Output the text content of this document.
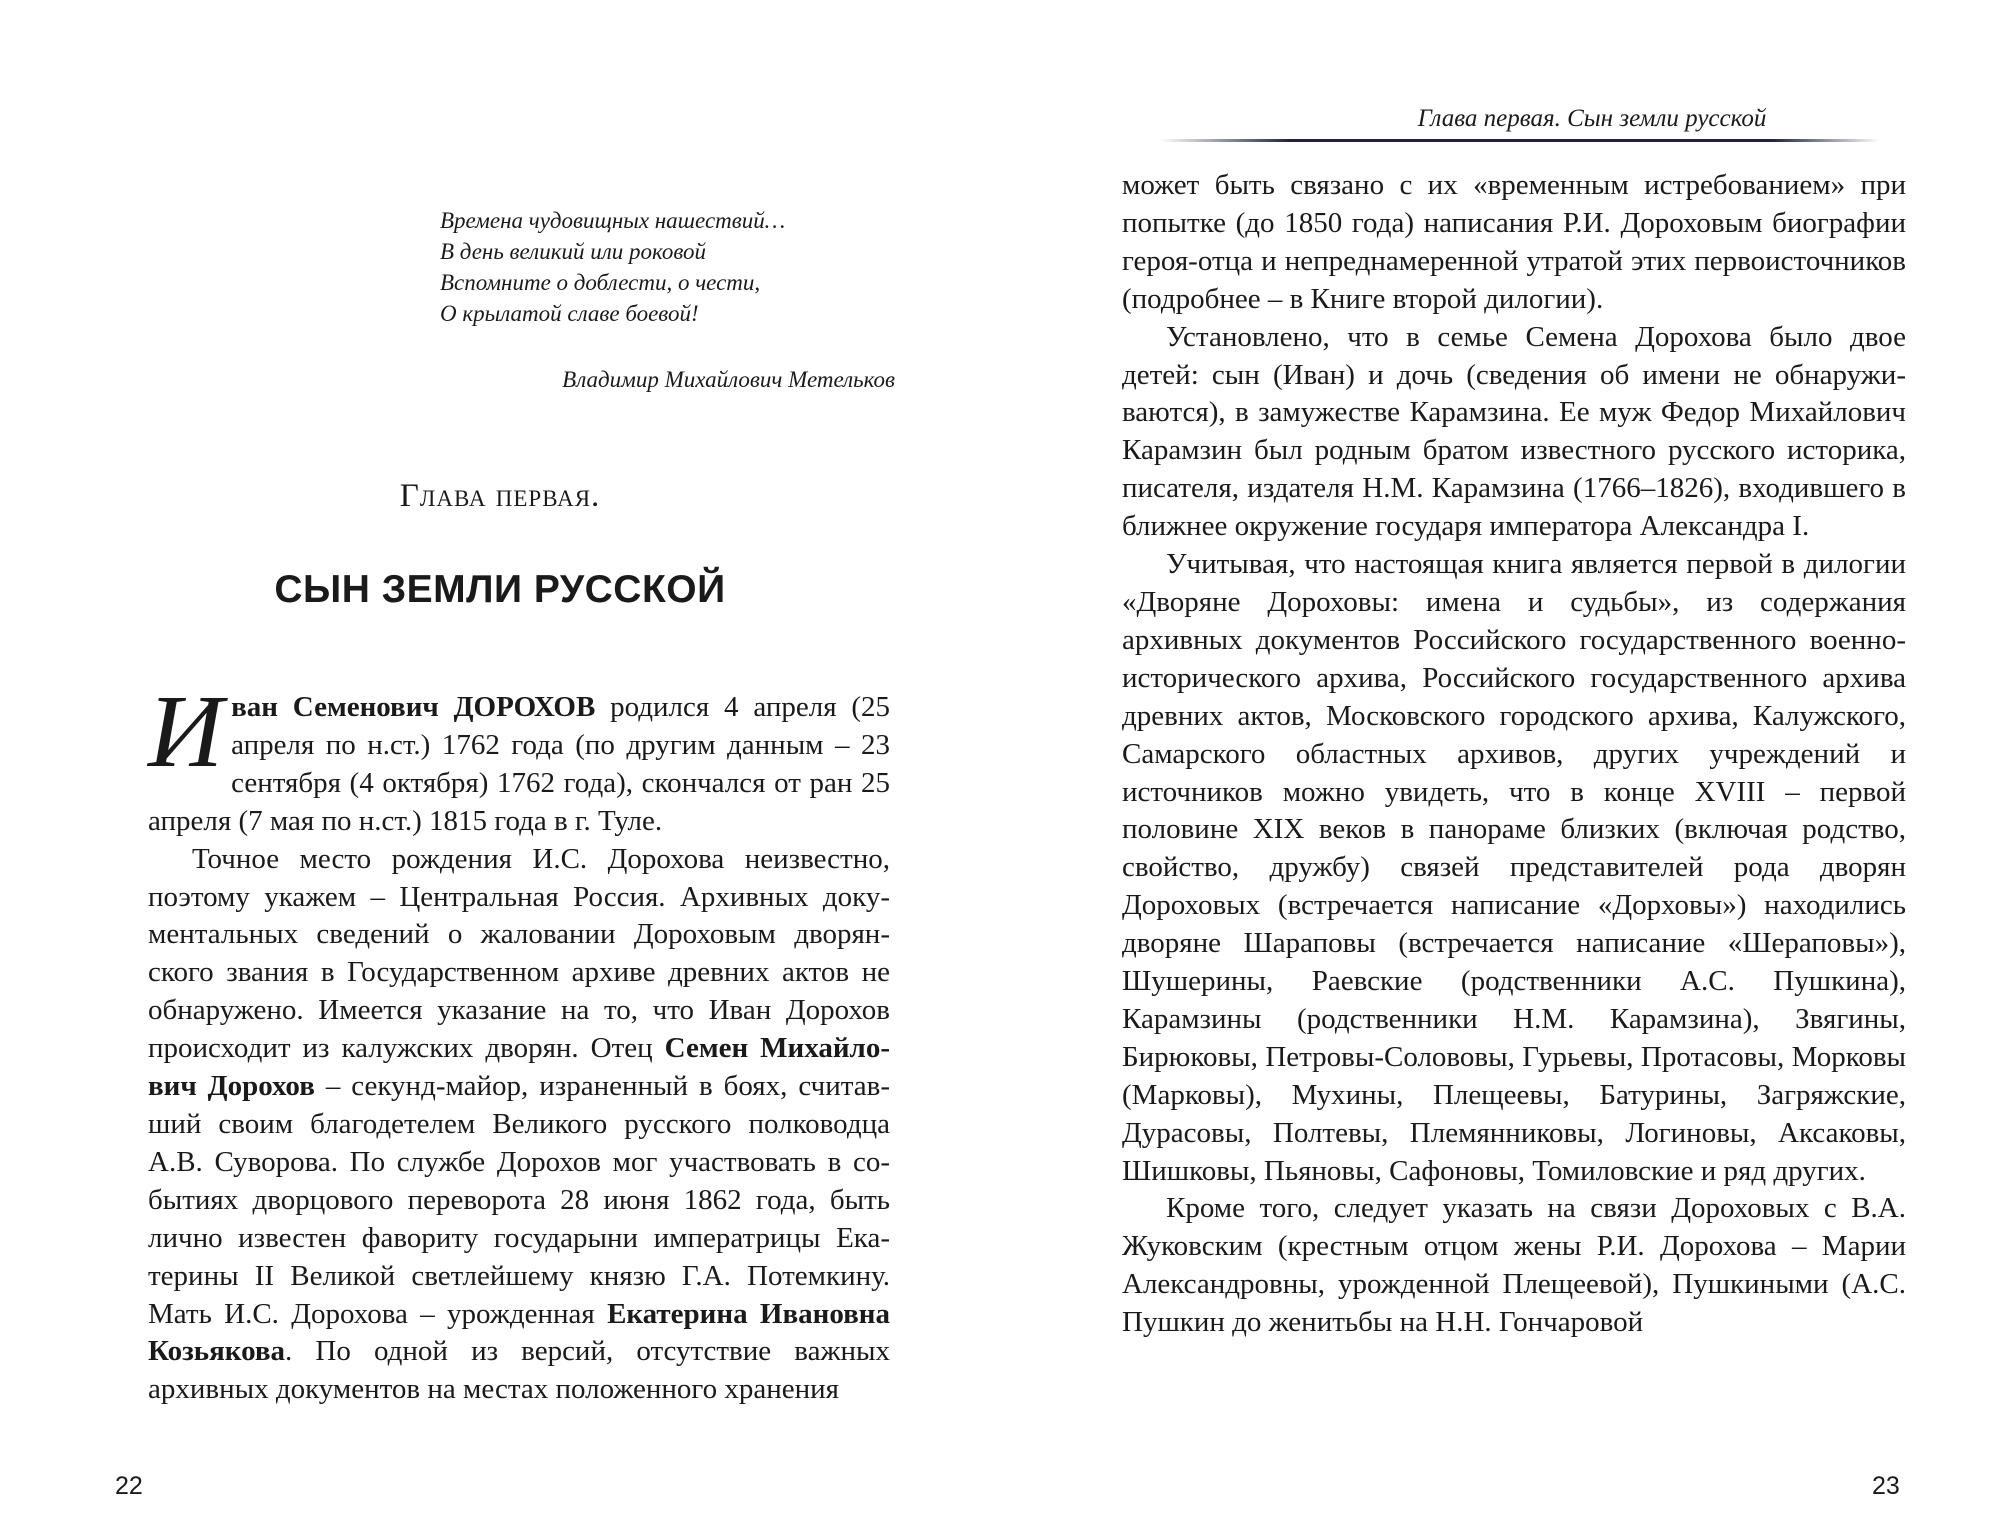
Времена чудовищных нашествий…
В день великий или роковой
Вспомните о доблести, о чести,
О крылатой славе боевой!
Владимир Михайлович Метельков
Глава первая.
СЫН ЗЕМЛИ РУССКОЙ

Иван Семенович ДОРОХОВ родился 4 апреля (25 апреля по н.ст.) 1762 года (по другим данным – 23 сентября (4 октября) 1762 года), скончался от ран 25 апреля (7 мая по н.ст.) 1815 года в г. Туле.

Точное место рождения И.С. Дорохова неизвестно, поэтому укажем – Центральная Россия. Архивных документальных сведений о жаловании Дороховым дворянского звания в Государственном архиве древних актов не обнаружено. Имеется указание на то, что Иван Дорохов происходит из калужских дворян. Отец Семен Михайлович Дорохов – секунд-майор, израненный в боях, считавший своим благодетелем Великого русского полководца А.В. Суворова. По службе Дорохов мог участвовать в событиях дворцового переворота 28 июня 1862 года, быть лично известен фавориту государыни императрицы Екатерины II Великой светлейшему князю Г.А. Потемкину. Мать И.С. Дорохова – урожденная Екатерина Ивановна Козьякова. По одной из версий, отсутствие важных архивных документов на местах положенного хранения

22
Глава первая. Сын земли русской

может быть связано с их «временным истребованием» при попытке (до 1850 года) написания Р.И. Дороховым биографии героя-отца и непреднамеренной утратой этих первоисточников (подробнее – в Книге второй дилогии).

Установлено, что в семье Семена Дорохова было двое детей: сын (Иван) и дочь (сведения об имени не обнаруживаются), в замужестве Карамзина. Ее муж Федор Михайлович Карамзин был родным братом известного русского историка, писателя, издателя Н.М. Карамзина (1766–1826), входившего в ближнее окружение государя императора Александра I.

Учитывая, что настоящая книга является первой в дилогии «Дворяне Дороховы: имена и судьбы», из содержания архивных документов Российского государственного военно-исторического архива, Российского государственного архива древних актов, Московского городского архива, Калужского, Самарского областных архивов, других учреждений и источников можно увидеть, что в конце XVIII – первой половине XIX веков в панораме близких (включая родство, свойство, дружбу) связей представителей рода дворян Дороховых (встречается написание «Дорховы») находились дворяне Шараповы (встречается написание «Шераповы»), Шушерины, Раевские (родственники А.С. Пушкина), Карамзины (родственники Н.М. Карамзина), Звягины, Бирюковы, Петровы-Солововы, Гурьевы, Протасовы, Морковы (Марковы), Мухины, Плещеевы, Батурины, Загряжские, Дурасовы, Полтевы, Племянниковы, Логиновы, Аксаковы, Шишковы, Пьяновы, Сафоновы, Томиловские и ряд других.

Кроме того, следует указать на связи Дороховых с В.А. Жуковским (крестным отцом жены Р.И. Дорохова – Марии Александровны, урожденной Плещеевой), Пушкиными (А.С. Пушкин до женитьбы на Н.Н. Гончаровой

23
